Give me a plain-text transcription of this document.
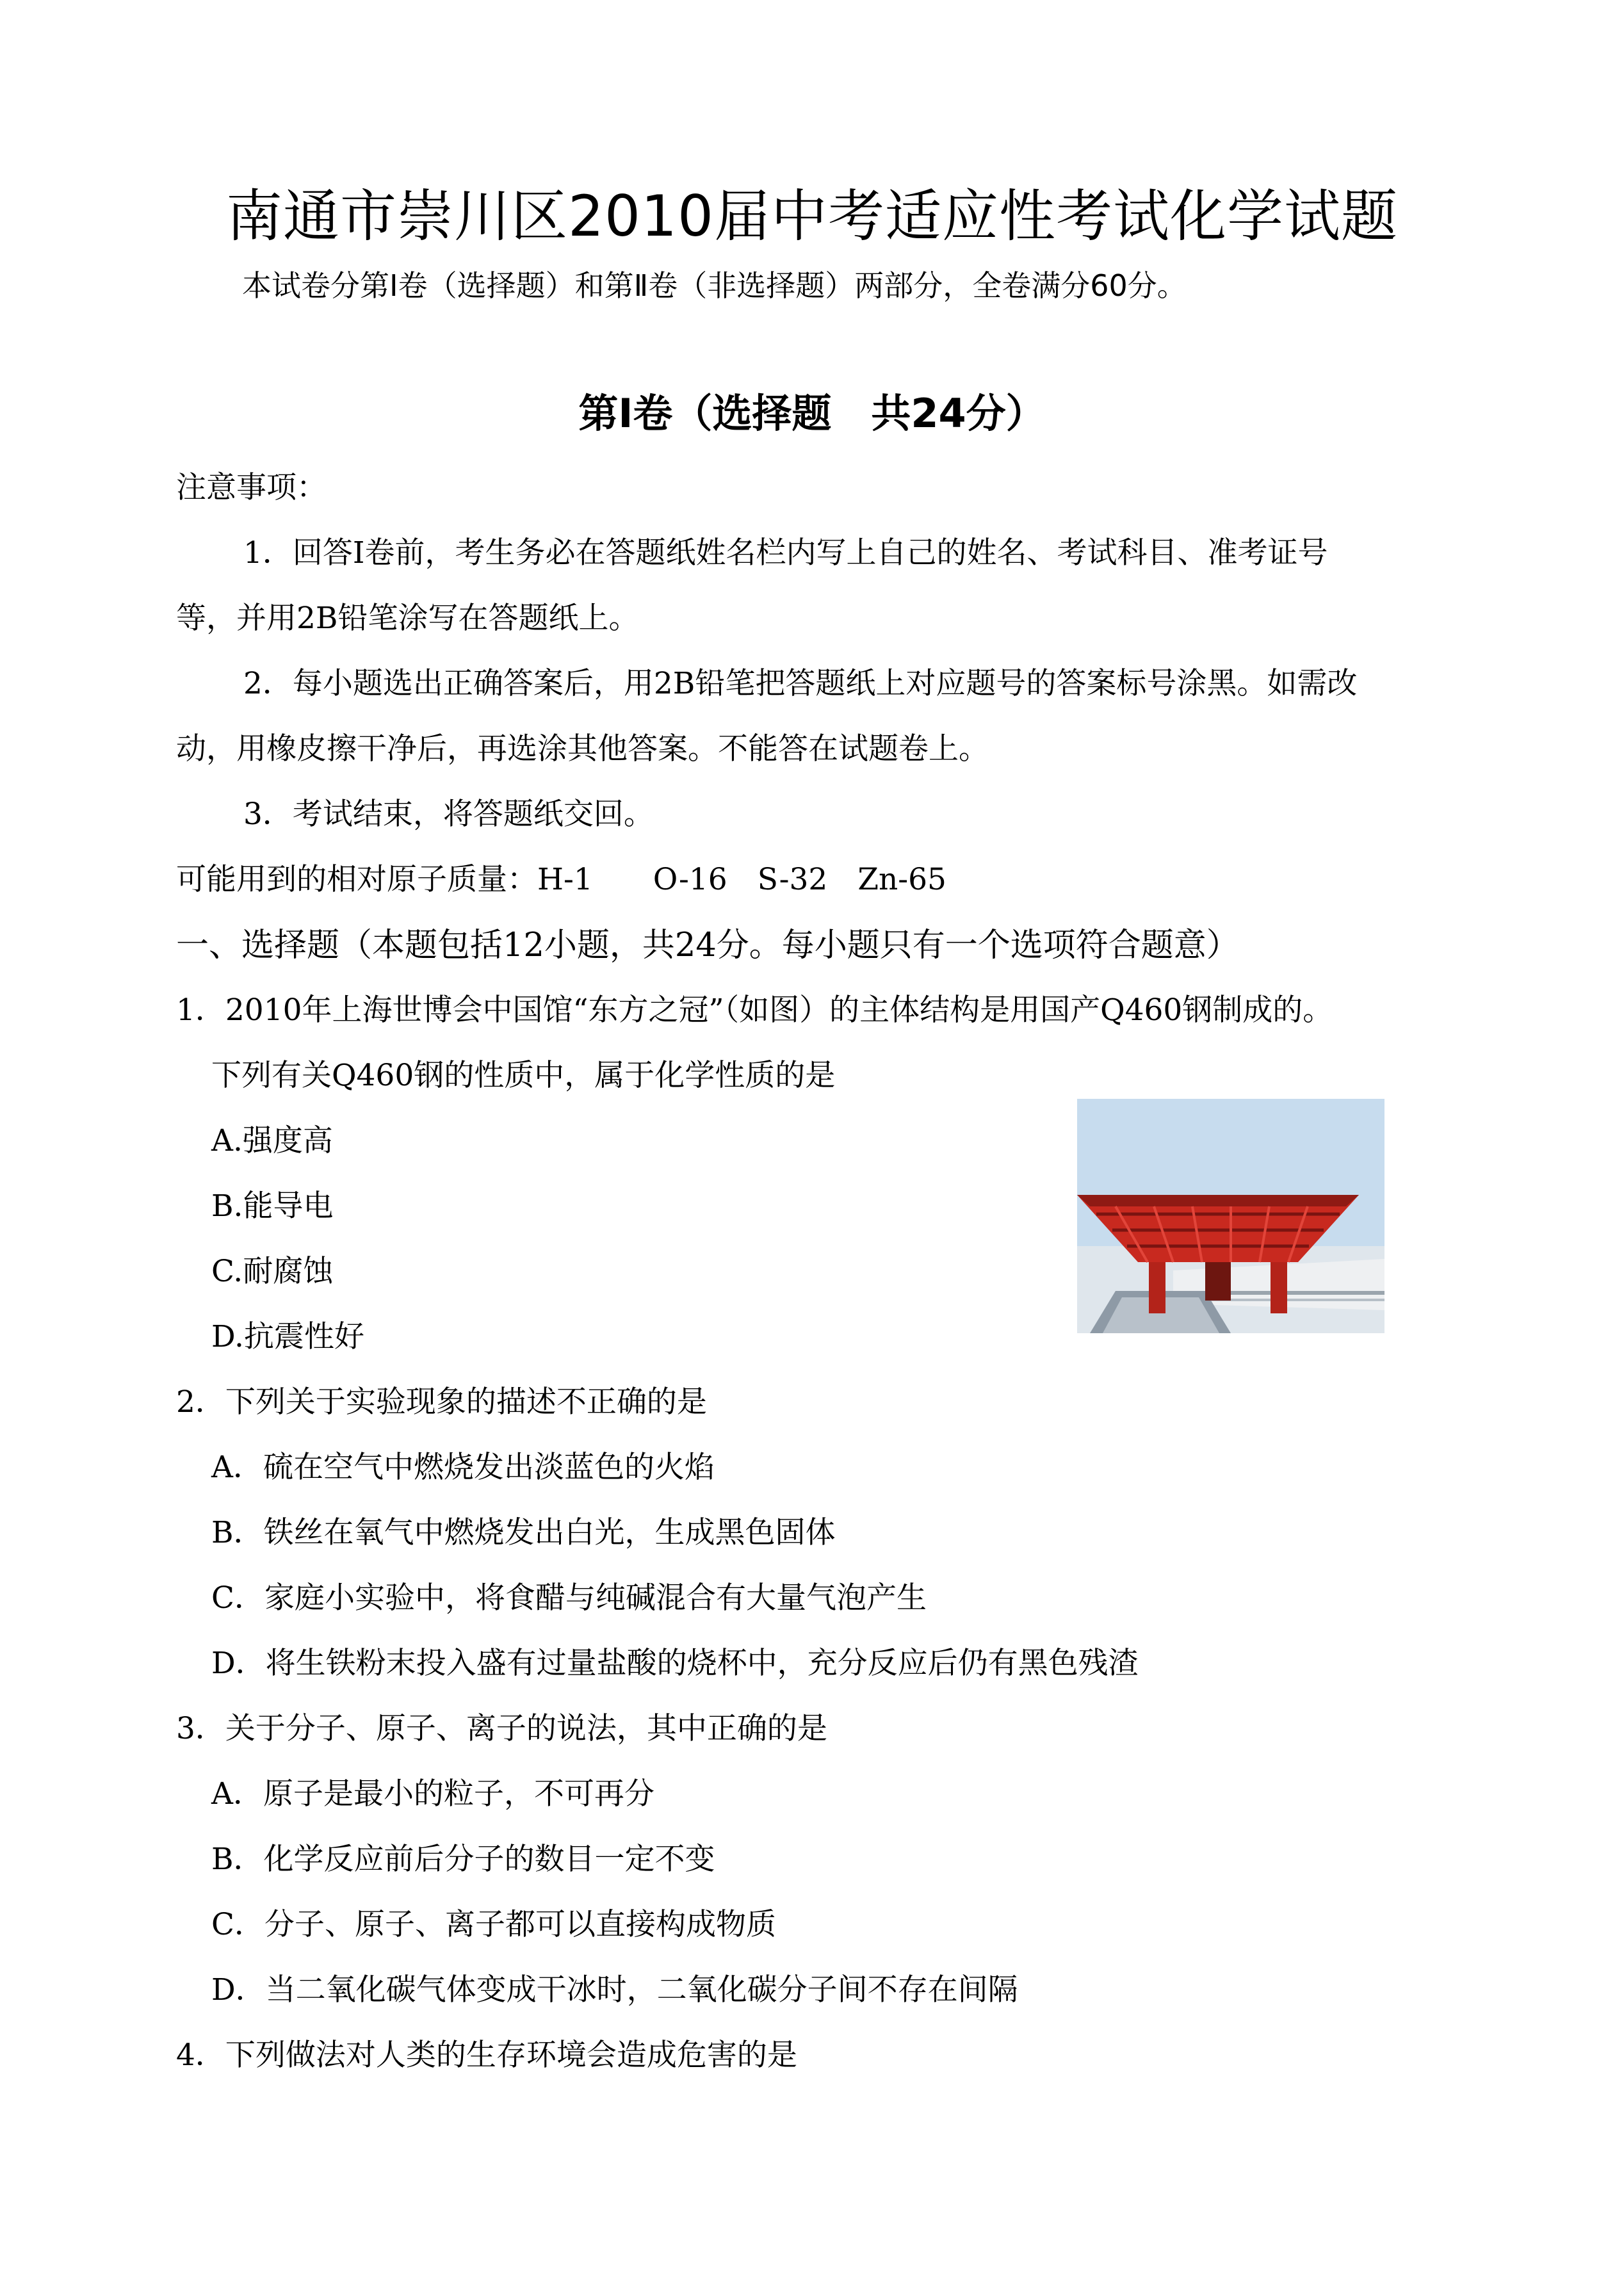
南通市崇川区2010届中考适应性考试化学试题
本试卷分第Ⅰ卷（选择题）和第Ⅱ卷（非选择题）两部分，全卷满分60分。
第Ⅰ卷（选择题　共24分）
注意事项：
1．回答Ⅰ卷前，考生务必在答题纸姓名栏内写上自己的姓名、考试科目、准考证号
等，并用2B铅笔涂写在答题纸上。
2．每小题选出正确答案后，用2B铅笔把答题纸上对应题号的答案标号涂黑。如需改
动，用橡皮擦干净后，再选涂其他答案。不能答在试题卷上。
3．考试结束，将答题纸交回。
可能用到的相对原子质量：H-1　　O-16　S-32　Zn-65
一、选择题（本题包括12小题，共24分。每小题只有一个选项符合题意）
1．2010年上海世博会中国馆“东方之冠”（如图）的主体结构是用国产Q460钢制成的。
下列有关Q460钢的性质中，属于化学性质的是
A.强度高
B.能导电
C.耐腐蚀
D.抗震性好
2．下列关于实验现象的描述不正确的是
A．硫在空气中燃烧发出淡蓝色的火焰
B．铁丝在氧气中燃烧发出白光，生成黑色固体
C．家庭小实验中，将食醋与纯碱混合有大量气泡产生
D．将生铁粉末投入盛有过量盐酸的烧杯中，充分反应后仍有黑色残渣
3．关于分子、原子、离子的说法，其中正确的是
A．原子是最小的粒子，不可再分
B．化学反应前后分子的数目一定不变
C．分子、原子、离子都可以直接构成物质
D．当二氧化碳气体变成干冰时，二氧化碳分子间不存在间隔
4．下列做法对人类的生存环境会造成危害的是
